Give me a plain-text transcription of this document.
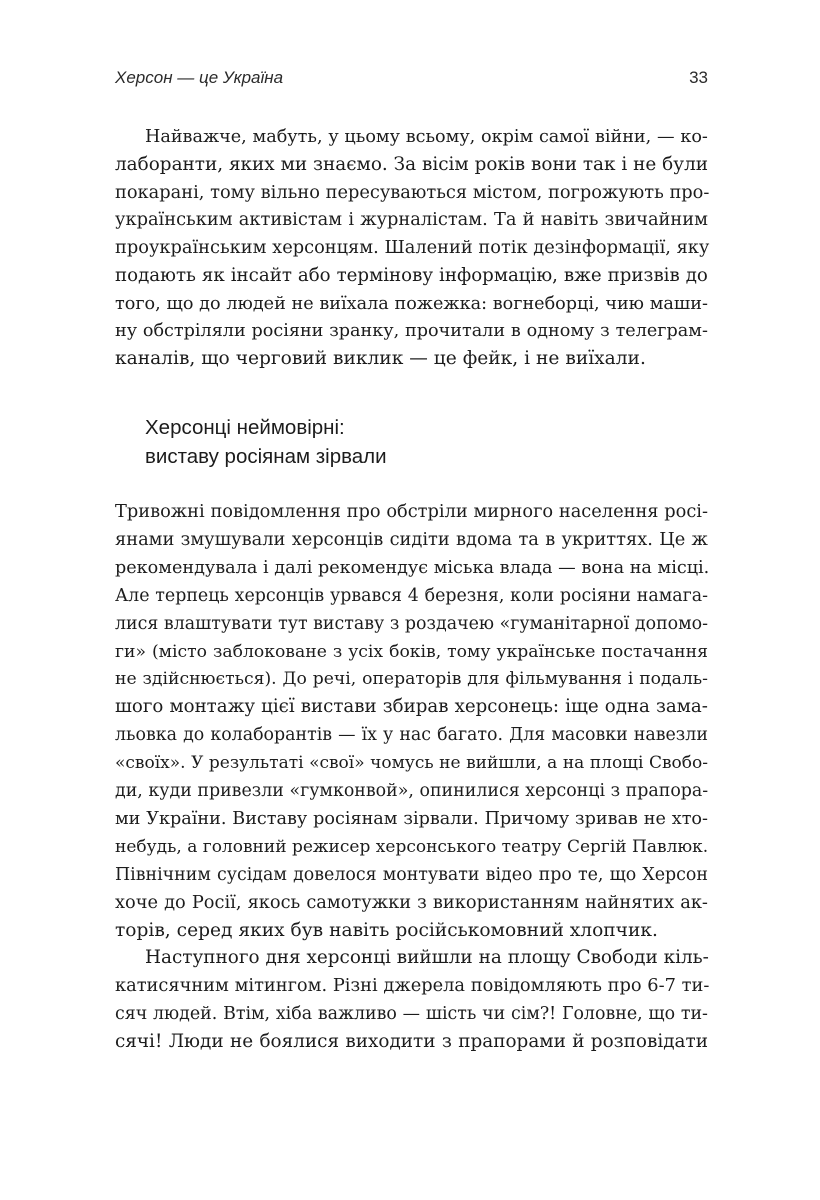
Херсон — це Україна	33
Найважче, мабуть, у цьому всьому, окрім самої війни, — ко-
лаборанти, яких ми знаємо. За вісім років вони так і не були
покарані, тому вільно пересуваються містом, погрожують про-
українським активістам і журналістам. Та й навіть звичайним
проукраїнським херсонцям. Шалений потік дезінформації, яку
подають як інсайт або термінову інформацію, вже призвів до
того, що до людей не виїхала пожежка: вогнеборці, чию маши-
ну обстріляли росіяни зранку, прочитали в одному з телеграм-
каналів, що черговий виклик — це фейк, і не виїхали.
Херсонці неймовірні:
виставу росіянам зірвали
Тривожні повідомлення про обстріли мирного населення росі-
янами змушували херсонців сидіти вдома та в укриттях. Це ж
рекомендувала і далі рекомендує міська влада — вона на місці.
Але терпець херсонців урвався 4 березня, коли росіяни намага-
лися влаштувати тут виставу з роздачею «гуманітарної допомо-
ги» (місто заблоковане з усіх боків, тому українське постачання
не здійснюється). До речі, операторів для фільмування і подаль-
шого монтажу цієї вистави збирав херсонець: іще одна зама-
льовка до колаборантів — їх у нас багато. Для масовки навезли
«своїх». У результаті «свої» чомусь не вийшли, а на площі Свобо-
ди, куди привезли «гумконвой», опинилися херсонці з прапора-
ми України. Виставу росіянам зірвали. Причому зривав не хто-
небудь, а головний режисер херсонського театру Сергій Павлюк.
Північним сусідам довелося монтувати відео про те, що Херсон
хоче до Росії, якось самотужки з використанням найнятих ак-
торів, серед яких був навіть російськомовний хлопчик.
Наступного дня херсонці вийшли на площу Свободи кіль-
катисячним мітингом. Різні джерела повідомляють про 6-7 ти-
сяч людей. Втім, хіба важливо — шість чи сім?! Головне, що ти-
сячі! Люди не боялися виходити з прапорами й розповідати
